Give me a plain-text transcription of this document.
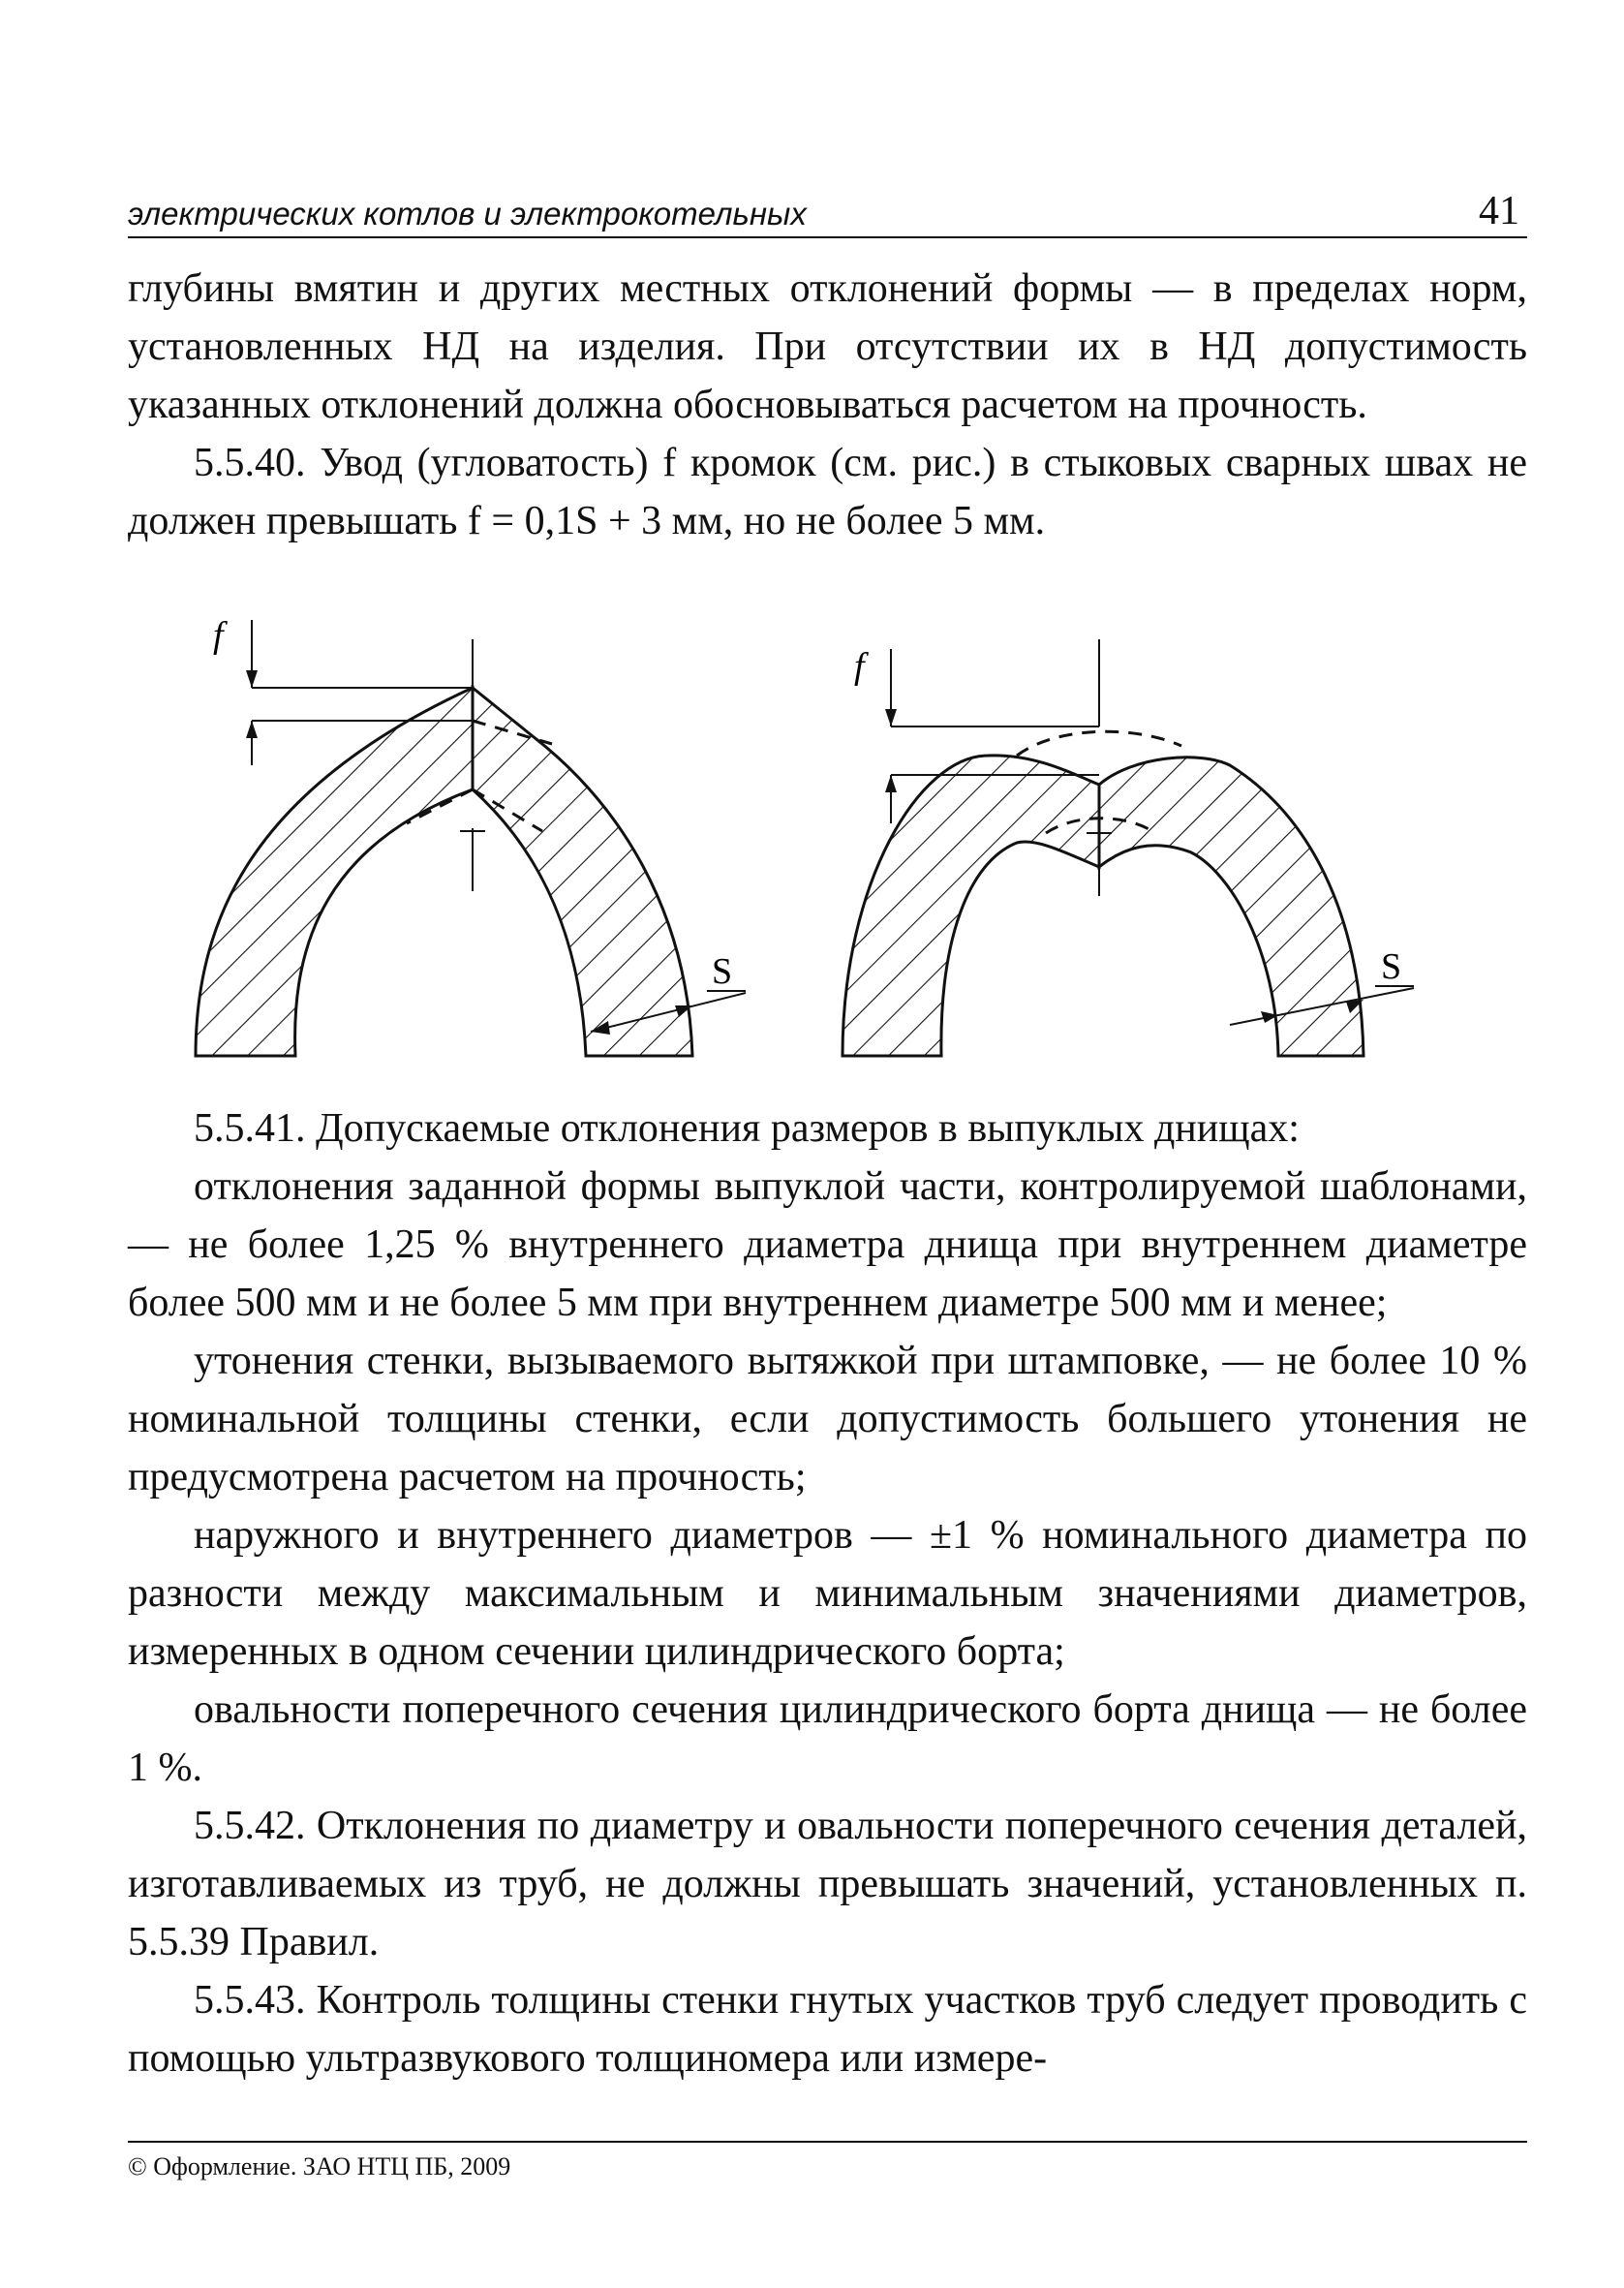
электрических котлов и электрокотельных	41

глубины вмятин и других местных отклонений формы — в пределах норм, установленных НД на изделия. При отсутствии их в НД допустимость указанных отклонений должна обосновываться расчетом на прочность.

5.5.40. Увод (угловатость) f кромок (см. рис.) в стыковых сварных швах не должен превышать f = 0,1S + 3 мм, но не более 5 мм.

f
S
f
S

5.5.41. Допускаемые отклонения размеров в выпуклых днищах:

отклонения заданной формы выпуклой части, контролируемой шаблонами, — не более 1,25 % внутреннего диаметра днища при внутреннем диаметре более 500 мм и не более 5 мм при внутреннем диаметре 500 мм и менее;

утонения стенки, вызываемого вытяжкой при штамповке, — не более 10 % номинальной толщины стенки, если допустимость большего утонения не предусмотрена расчетом на прочность;

наружного и внутреннего диаметров — ±1 % номинального диаметра по разности между максимальным и минимальным значениями диаметров, измеренных в одном сечении цилиндрического борта;

овальности поперечного сечения цилиндрического борта днища — не более 1 %.

5.5.42. Отклонения по диаметру и овальности поперечного сечения деталей, изготавливаемых из труб, не должны превышать значений, установленных п. 5.5.39 Правил.

5.5.43. Контроль толщины стенки гнутых участков труб следует проводить с помощью ультразвукового толщиномера или измере-

© Оформление. ЗАО НТЦ ПБ, 2009
